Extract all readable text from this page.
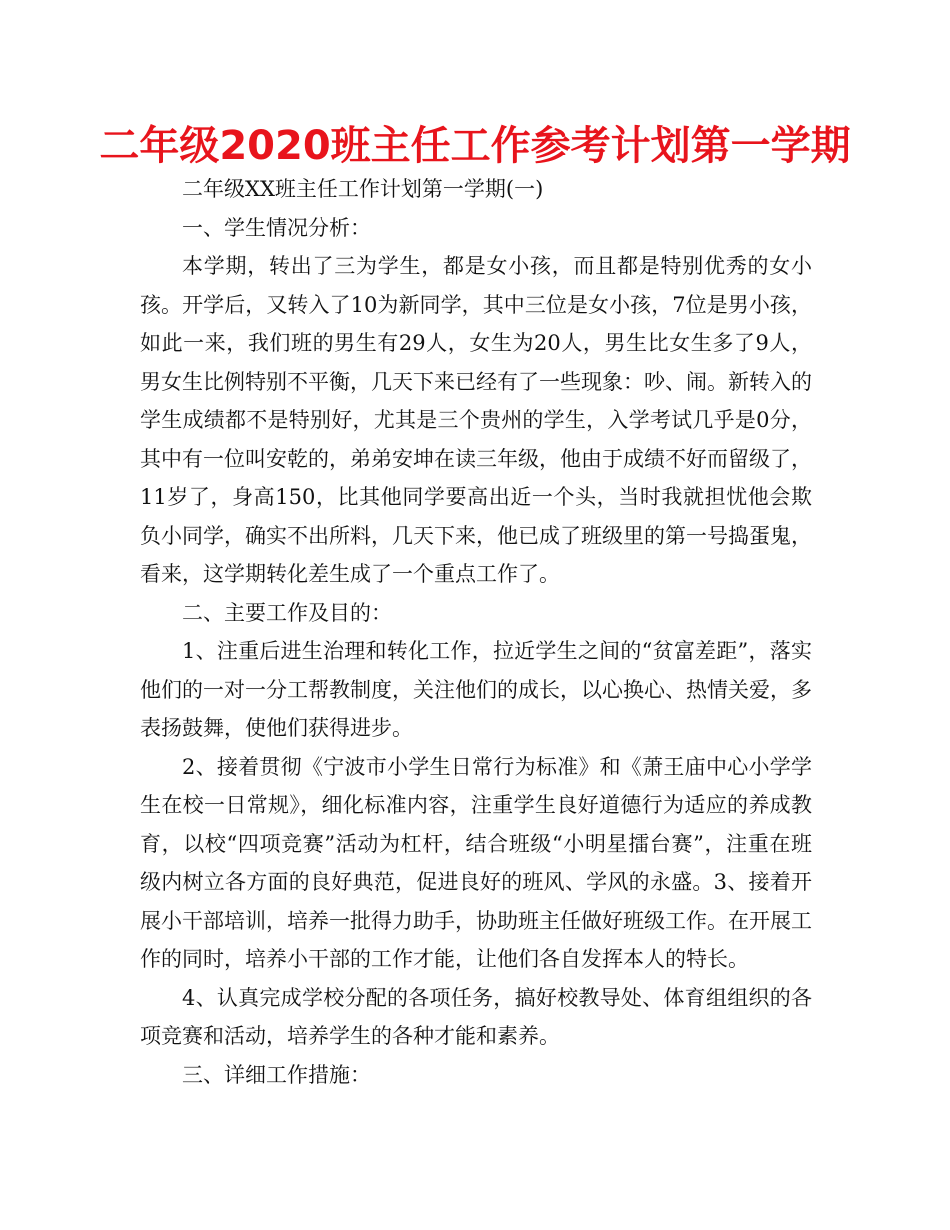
二年级2020班主任工作参考计划第一学期

二年级XX班主任工作计划第一学期(一)

一、学生情况分析：

本学期，转出了三为学生，都是女小孩，而且都是特别优秀的女小孩。开学后，又转入了10为新同学，其中三位是女小孩，7位是男小孩，如此一来，我们班的男生有29人，女生为20人，男生比女生多了9人，男女生比例特别不平衡，几天下来已经有了一些现象：吵、闹。新转入的学生成绩都不是特别好，尤其是三个贵州的学生，入学考试几乎是0分，其中有一位叫安乾的，弟弟安坤在读三年级，他由于成绩不好而留级了，11岁了，身高150，比其他同学要高出近一个头，当时我就担忧他会欺负小同学，确实不出所料，几天下来，他已成了班级里的第一号捣蛋鬼，看来，这学期转化差生成了一个重点工作了。

二、主要工作及目的：

1、注重后进生治理和转化工作，拉近学生之间的“贫富差距”，落实他们的一对一分工帮教制度，关注他们的成长，以心换心、热情关爱，多表扬鼓舞，使他们获得进步。

2、接着贯彻《宁波市小学生日常行为标准》和《萧王庙中心小学学生在校一日常规》，细化标准内容，注重学生良好道德行为适应的养成教育，以校“四项竞赛”活动为杠杆，结合班级“小明星擂台赛”，注重在班级内树立各方面的良好典范，促进良好的班风、学风的永盛。3、接着开展小干部培训，培养一批得力助手，协助班主任做好班级工作。在开展工作的同时，培养小干部的工作才能，让他们各自发挥本人的特长。

4、认真完成学校分配的各项任务，搞好校教导处、体育组组织的各项竞赛和活动，培养学生的各种才能和素养。

三、详细工作措施：
